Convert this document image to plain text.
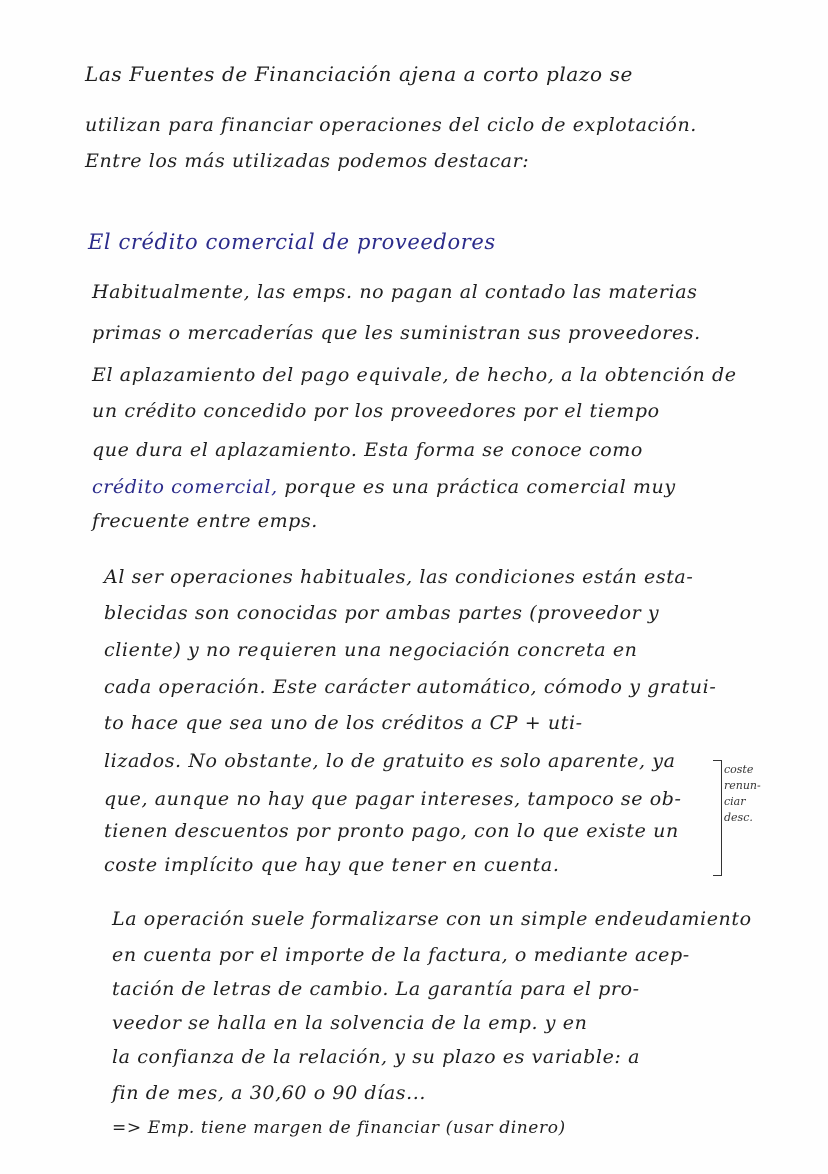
Las Fuentes de Financiación ajena a corto plazo se
utilizan para financiar operaciones del ciclo de explotación.
Entre los más utilizadas podemos destacar:
El crédito comercial de proveedores
Habitualmente, las emps. no pagan al contado las materias
primas o mercaderías que les suministran sus proveedores.
El aplazamiento del pago equivale, de hecho, a la obtención de
un crédito concedido por los proveedores por el tiempo
que dura el aplazamiento. Esta forma se conoce como
crédito comercial, porque es una práctica comercial muy
frecuente entre emps.
Al ser operaciones habituales, las condiciones están esta-
blecidas son conocidas por ambas partes (proveedor y
cliente) y no requieren una negociación concreta en
cada operación. Este carácter automático, cómodo y gratui-
to hace que sea uno de los créditos a CP + uti-
lizados. No obstante, lo de gratuito es solo aparente, ya
que, aunque no hay que pagar intereses, tampoco se ob-
tienen descuentos por pronto pago, con lo que existe un
coste implícito que hay que tener en cuenta.
coste
renun-
ciar
desc.
La operación suele formalizarse con un simple endeudamiento
en cuenta por el importe de la factura, o mediante acep-
tación de letras de cambio. La garantía para el pro-
veedor se halla en la solvencia de la emp. y en
la confianza de la relación, y su plazo es variable: a
fin de mes, a 30,60 o 90 días...
=> Emp. tiene margen de financiar (usar dinero)
